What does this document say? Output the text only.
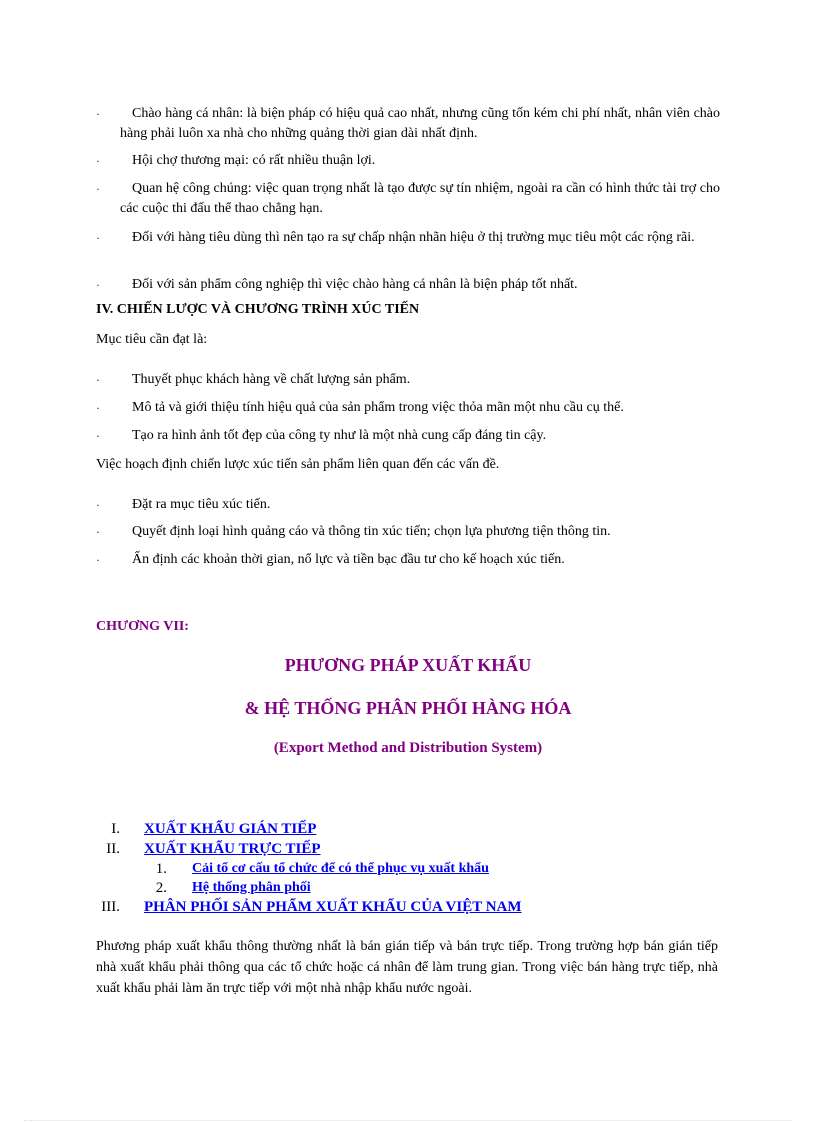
·	Chào hàng cá nhân: là biện pháp có hiệu quả cao nhất, nhưng cũng tốn kém chi phí nhất, nhân viên chào hàng phải luôn xa nhà cho những quảng thời gian dài nhất định.
·	Hội chợ thương mại: có rất nhiều thuận lợi.
·	Quan hệ công chúng: việc quan trọng nhất là tạo được sự tín nhiệm, ngoài ra cần có hình thức tài trợ cho các cuộc thi đấu thể thao chẳng hạn.
·	Đối với hàng tiêu dùng thì nên tạo ra sự chấp nhận nhãn hiệu ở thị trường mục tiêu một các rộng rãi.
·	Đối với sản phẩm công nghiệp thì việc chào hàng cá nhân là biện pháp tốt nhất.
IV. CHIẾN LƯỢC VÀ CHƯƠNG TRÌNH XÚC TIẾN
Mục tiêu cần đạt là:
·	Thuyết phục khách hàng về chất lượng sản phẩm.
·	Mô tả và giới thiệu tính hiệu quả của sản phẩm trong việc thỏa mãn một nhu cầu cụ thể.
·	Tạo ra hình ảnh tốt đẹp của công ty như là một nhà cung cấp đáng tin cậy.
Việc hoạch định chiến lược xúc tiến sản phẩm liên quan đến các vấn đề.
·	Đặt ra mục tiêu xúc tiến.
·	Quyết định loại hình quảng cáo và thông tin xúc tiến; chọn lựa phương tiện thông tin.
·	Ấn định các khoản thời gian, nổ lực và tiền bạc đầu tư cho kế hoạch xúc tiến.
CHƯƠNG VII:
PHƯƠNG PHÁP XUẤT KHẨU
& HỆ THỐNG PHÂN PHỐI HÀNG HÓA
(Export Method and Distribution System)
I. XUẤT KHẨU GIÁN TIẾP
II. XUẤT KHẨU TRỰC TIẾP
1. Cải tổ cơ cấu tổ chức để có thể phục vụ xuất khẩu
2. Hệ thống phân phối
III. PHÂN PHỐI SẢN PHẨM XUẤT KHẨU CỦA VIỆT NAM
Phương pháp xuất khẩu thông thường nhất là bán gián tiếp và bán trực tiếp. Trong trường hợp bán gián tiếp nhà xuất khẩu phải thông qua các tổ chức hoặc cá nhân để làm trung gian. Trong việc bán hàng trực tiếp, nhà xuất khẩu phải làm ăn trực tiếp với một nhà nhập khẩu nước ngoài.
